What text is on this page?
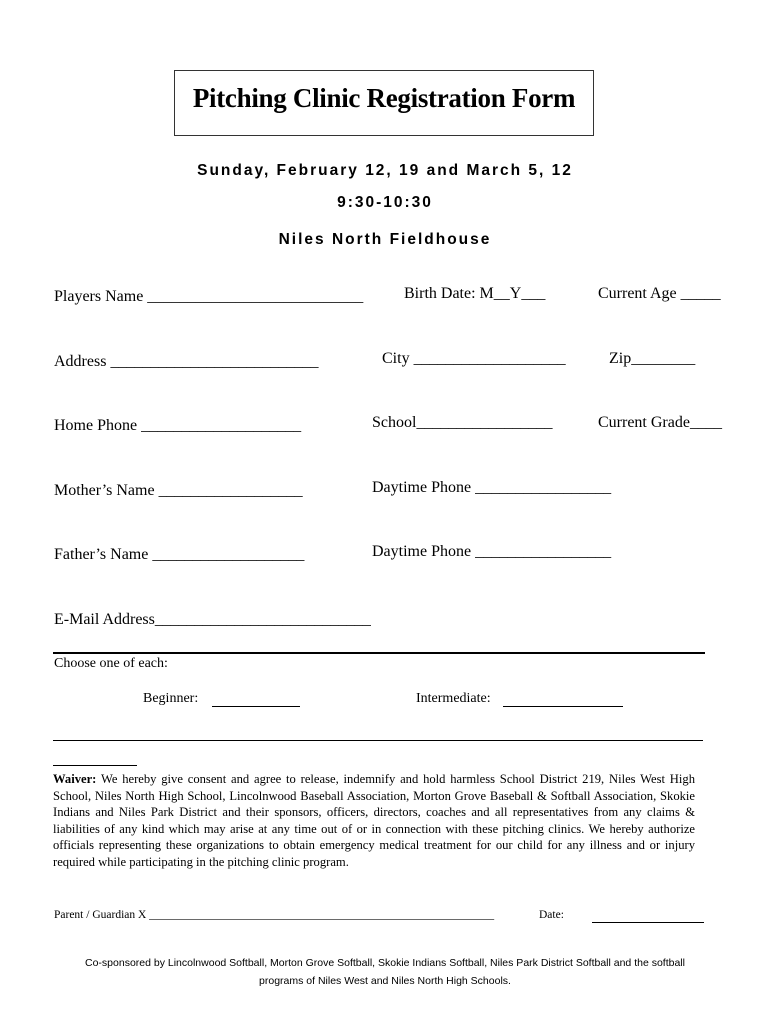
Pitching Clinic Registration Form
Sunday, February 12, 19 and March 5, 12
9:30-10:30
Niles North Fieldhouse
Players Name ___________________________	Birth Date: M__Y___	Current Age _____
Address __________________________	City ___________________	Zip________
Home Phone ____________________	School_________________	Current Grade____
Mother’s Name __________________	Daytime Phone _________________
Father’s Name ___________________	Daytime Phone _________________
E-Mail Address___________________________
Choose one of each:
Beginner:	Intermediate:
Waiver: We hereby give consent and agree to release, indemnify and hold harmless School District 219, Niles West High School, Niles North High School, Lincolnwood Baseball Association, Morton Grove Baseball & Softball Association, Skokie Indians and Niles Park District and their sponsors, officers, directors, coaches and all representatives from any claims & liabilities of any kind which may arise at any time out of or in connection with these pitching clinics. We hereby authorize officials representing these organizations to obtain emergency medical treatment for our child for any illness and or injury required while participating in the pitching clinic program.
Parent / Guardian X ____________________________________________________________	Date:
Co-sponsored by Lincolnwood Softball, Morton Grove Softball, Skokie Indians Softball, Niles Park District Softball and the softball
programs of Niles West and Niles North High Schools.
